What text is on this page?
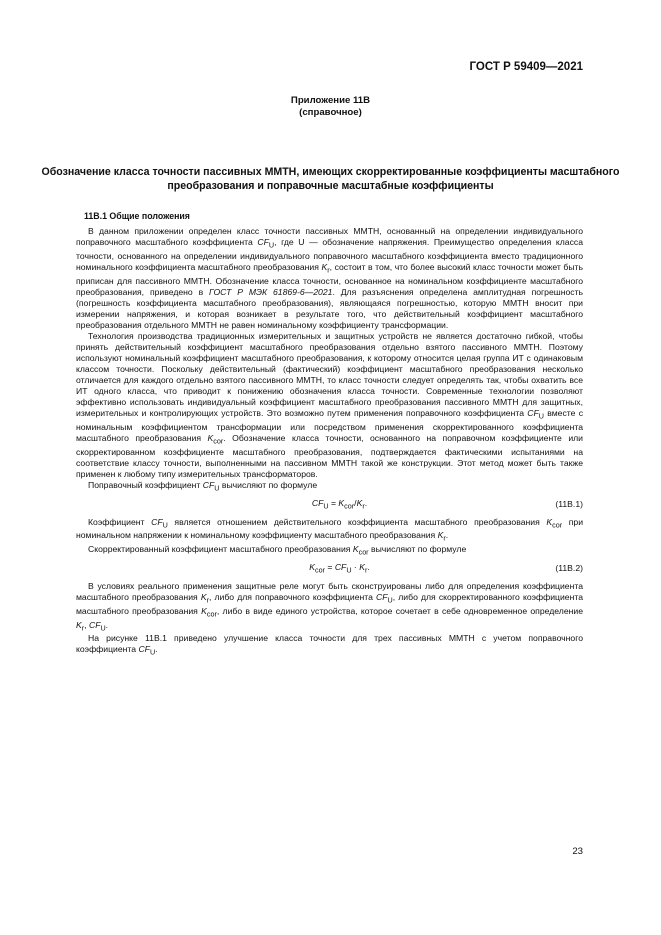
ГОСТ Р 59409—2021
Приложение 11В
(справочное)
Обозначение класса точности пассивных ММТН, имеющих скорректированные коэффициенты масштабного преобразования и поправочные масштабные коэффициенты
11В.1 Общие положения

В данном приложении определен класс точности пассивных ММТН, основанный на определении индивидуального поправочного масштабного коэффициента $CF_U$, где U — обозначение напряжения. Преимущество определения класса точности, основанного на определении индивидуального поправочного масштабного коэффициента вместо традиционного номинального коэффициента масштабного преобразования $K_r$, состоит в том, что более высокий класс точности может быть приписан для пассивного ММТН. Обозначение класса точности, основанное на номинальном коэффициенте масштабного преобразования, приведено в ГОСТ Р МЭК 61869-6—2021. Для разъяснения определена амплитудная погрешность (погрешность коэффициента масштабного преобразования), являющаяся погрешностью, которую ММТН вносит при измерении напряжения, и которая возникает в результате того, что действительный коэффициент масштабного преобразования отдельного ММТН не равен номинальному коэффициенту трансформации.

Технология производства традиционных измерительных и защитных устройств не является достаточно гибкой, чтобы принять действительный коэффициент масштабного преобразования отдельно взятого пассивного ММТН. Поэтому используют номинальный коэффициент масштабного преобразования, к которому относится целая группа ИТ с одинаковым классом точности. Поскольку действительный (фактический) коэффициент масштабного преобразования несколько отличается для каждого отдельно взятого пассивного ММТН, то класс точности следует определять так, чтобы охватить все ИТ одного класса, что приводит к понижению обозначения класса точности. Современные технологии позволяют эффективно использовать индивидуальный коэффициент масштабного преобразования пассивного ММТН для защитных, измерительных и контролирующих устройств. Это возможно путем применения поправочного коэффициента $CF_U$ вместе с номинальным коэффициентом трансформации или посредством применения скорректированного коэффициента масштабного преобразования $K_{cor}$. Обозначение класса точности, основанного на поправочном коэффициенте или скорректированном коэффициенте масштабного преобразования, подтверждается фактическими испытаниями на соответствие классу точности, выполненными на пассивном ММТН такой же конструкции. Этот метод может быть также применен к любому типу измерительных трансформаторов.

Поправочный коэффициент $CF_U$ вычисляют по формуле

$CF_U = K_{cor}/K_r$.	(11В.1)

Коэффициент $CF_U$ является отношением действительного коэффициента масштабного преобразования $K_{cor}$ при номинальном напряжении к номинальному коэффициенту масштабного преобразования $K_r$.

Скорректированный коэффициент масштабного преобразования $K_{cor}$ вычисляют по формуле

$K_{cor} = CF_U \cdot K_r$.	(11В.2)

В условиях реального применения защитные реле могут быть сконструированы либо для определения коэффициента масштабного преобразования $K_r$, либо для поправочного коэффициента $CF_U$, либо для скорректированного коэффициента масштабного преобразования $K_{cor}$, либо в виде единого устройства, которое сочетает в себе одновременное определение $K_r$, $CF_U$.

На рисунке 11В.1 приведено улучшение класса точности для трех пассивных ММТН с учетом поправочного коэффициента $CF_U$.

23
